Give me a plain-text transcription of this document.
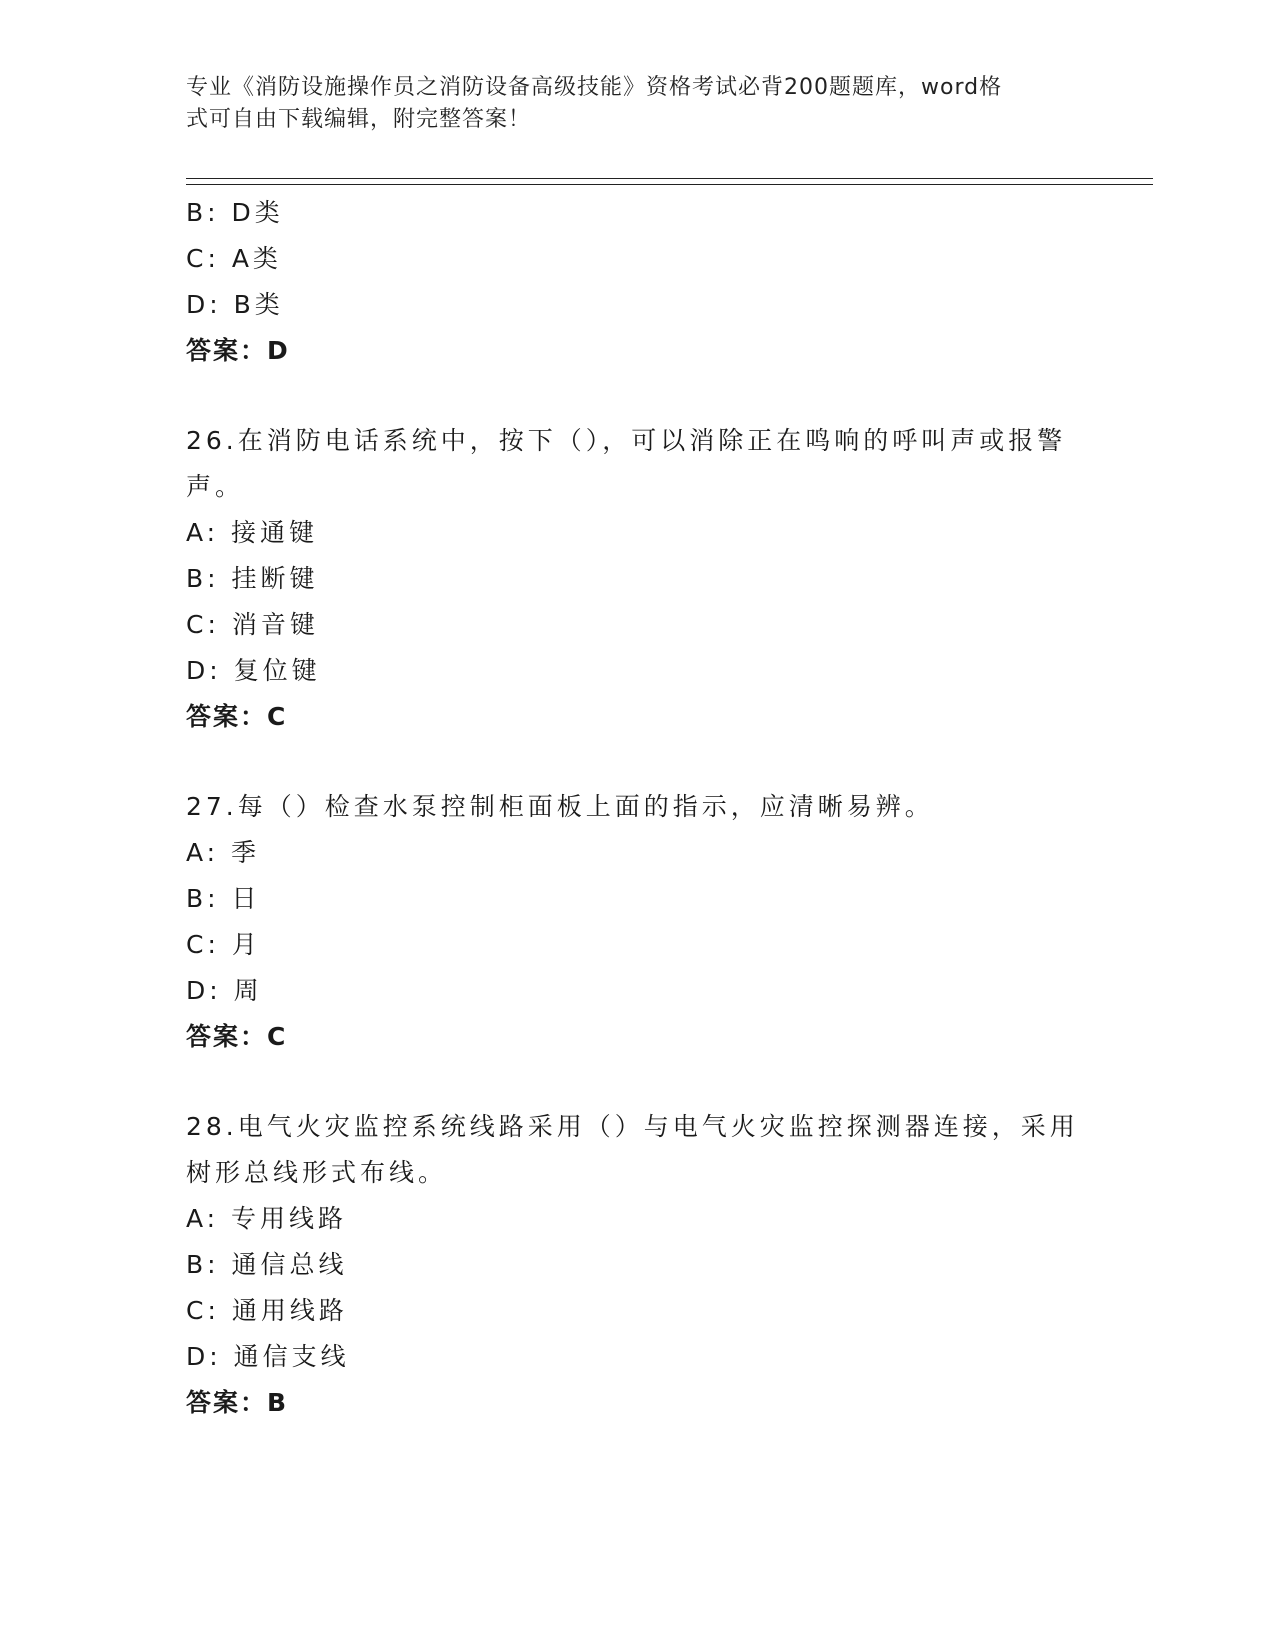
专业《消防设施操作员之消防设备高级技能》资格考试必背200题题库，word格
式可自由下载编辑，附完整答案！
B: D类
C: A类
D: B类
答案：D
26.在消防电话系统中，按下（），可以消除正在鸣响的呼叫声或报警
声。
A: 接通键
B: 挂断键
C: 消音键
D: 复位键
答案：C
27.每（）检查水泵控制柜面板上面的指示，应清晰易辨。
A: 季
B: 日
C: 月
D: 周
答案：C
28.电气火灾监控系统线路采用（）与电气火灾监控探测器连接，采用
树形总线形式布线。
A: 专用线路
B: 通信总线
C: 通用线路
D: 通信支线
答案：B
